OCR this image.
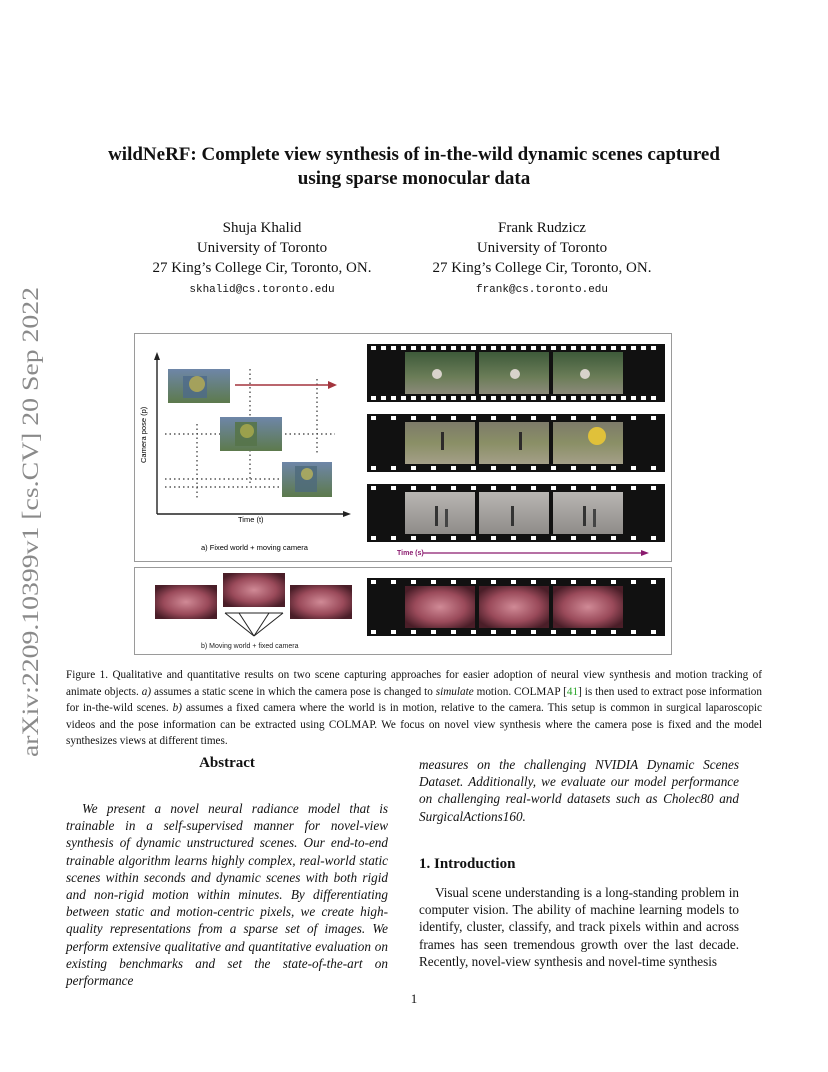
arXiv:2209.10399v1 [cs.CV] 20 Sep 2022
wildNeRF: Complete view synthesis of in-the-wild dynamic scenes captured
using sparse monocular data
Shuja Khalid
University of Toronto
27 King’s College Cir, Toronto, ON.
skhalid@cs.toronto.edu
Frank Rudzicz
University of Toronto
27 King’s College Cir, Toronto, ON.
frank@cs.toronto.edu
Camera pose (p)
Time (t)
a) Fixed world + moving camera
Time (s)
b) Moving world + fixed camera
Figure 1. Qualitative and quantitative results on two scene capturing approaches for easier adoption of neural view synthesis and motion tracking of animate objects. a) assumes a static scene in which the camera pose is changed to simulate motion. COLMAP [41] is then used to extract pose information for in-the-wild scenes. b) assumes a fixed camera where the world is in motion, relative to the camera. This setup is common in surgical laparoscopic videos and the pose information can be extracted using COLMAP. We focus on novel view synthesis where the camera pose is fixed and the model synthesizes views at different times.
Abstract
We present a novel neural radiance model that is trainable in a self-supervised manner for novel-view synthesis of dynamic unstructured scenes. Our end-to-end trainable algorithm learns highly complex, real-world static scenes within seconds and dynamic scenes with both rigid and non-rigid motion within minutes. By differentiating between static and motion-centric pixels, we create high-quality representations from a sparse set of images. We perform extensive qualitative and quantitative evaluation on existing benchmarks and set the state-of-the-art on performance
measures on the challenging NVIDIA Dynamic Scenes Dataset. Additionally, we evaluate our model performance on challenging real-world datasets such as Cholec80 and SurgicalActions160.
1. Introduction
Visual scene understanding is a long-standing problem in computer vision. The ability of machine learning models to identify, cluster, classify, and track pixels within and across frames has seen tremendous growth over the last decade. Recently, novel-view synthesis and novel-time synthesis
1
